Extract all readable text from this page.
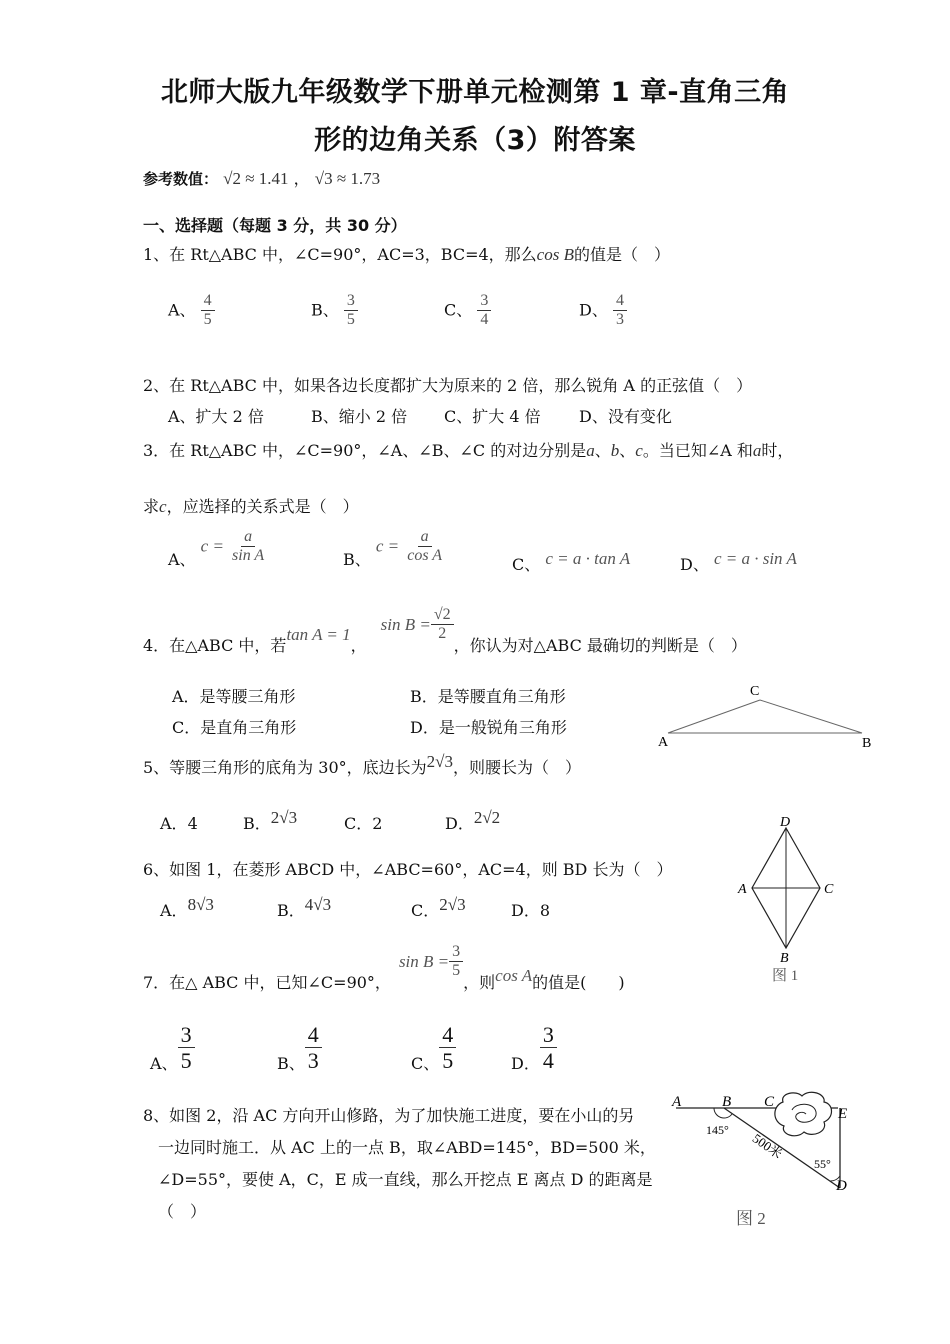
北师大版九年级数学下册单元检测第 1 章-直角三角
形的边角关系（3）附答案
参考数值： √2 ≈ 1.41 ， √3 ≈ 1.73
一、选择题（每题 3 分，共 30 分）
1、在 Rt△ABC 中，∠C=90°，AC=3，BC=4，那么cos B的值是（　）
A、 $\frac{4}{5}$	B、 $\frac{3}{5}$	C、 $\frac{3}{4}$	D、 $\frac{4}{3}$
2、在 Rt△ABC 中，如果各边长度都扩大为原来的 2 倍，那么锐角 A 的正弦值（　）
A、扩大 2 倍	B、缩小 2 倍 C、扩大 4 倍 D、没有变化
3．在 Rt△ABC 中，∠C=90°，∠A、∠B、∠C 的对边分别是a、b、c。当已知∠A 和a时，
求c，应选择的关系式是（　）
A、 $c = \frac{a}{\text{sin A}}$	B、 $c = \frac{a}{\text{cos A}}$	C、 c = a · tan A	D、 c = a · sin A
4．在△ABC 中，若
tan A = 1
，
$\sin B = \frac{√2}{2}$
，你认为对△ABC 最确切的判断是（　）
A．是等腰三角形	B．是等腰直角三角形
C．是直角三角形	D．是一般锐角三角形
A	B
C
5、等腰三角形的底角为 30°，底边长为2√3，则腰长为（　）
A．4	B．2√3	C．2	D．2√2
6、如图 1，在菱形 ABCD 中，∠ABC=60°，AC=4，则 BD 长为（　）
A．8√3	B．4√3	C．2√3	D．8
D
A	C
B
图 1
7．在△ ABC 中，已知∠C=90°，
$\sin B = \frac{3}{5}$
，则 cos A 的值是(　　)
A、 $\frac{3}{5}$	B、 $\frac{4}{3}$	C、 $\frac{4}{5}$	D． $\frac{3}{4}$
8、如图 2，沿 AC 方向开山修路，为了加快施工进度，要在小山的另
一边同时施工．从 AC 上的一点 B，取∠ABD=145°，BD=500 米，
∠D=55°，要使 A，C，E 成一直线，那么开挖点 E 离点 D 的距离是
（　）
A	B C
E
D
145°
55°
500米
图 2
